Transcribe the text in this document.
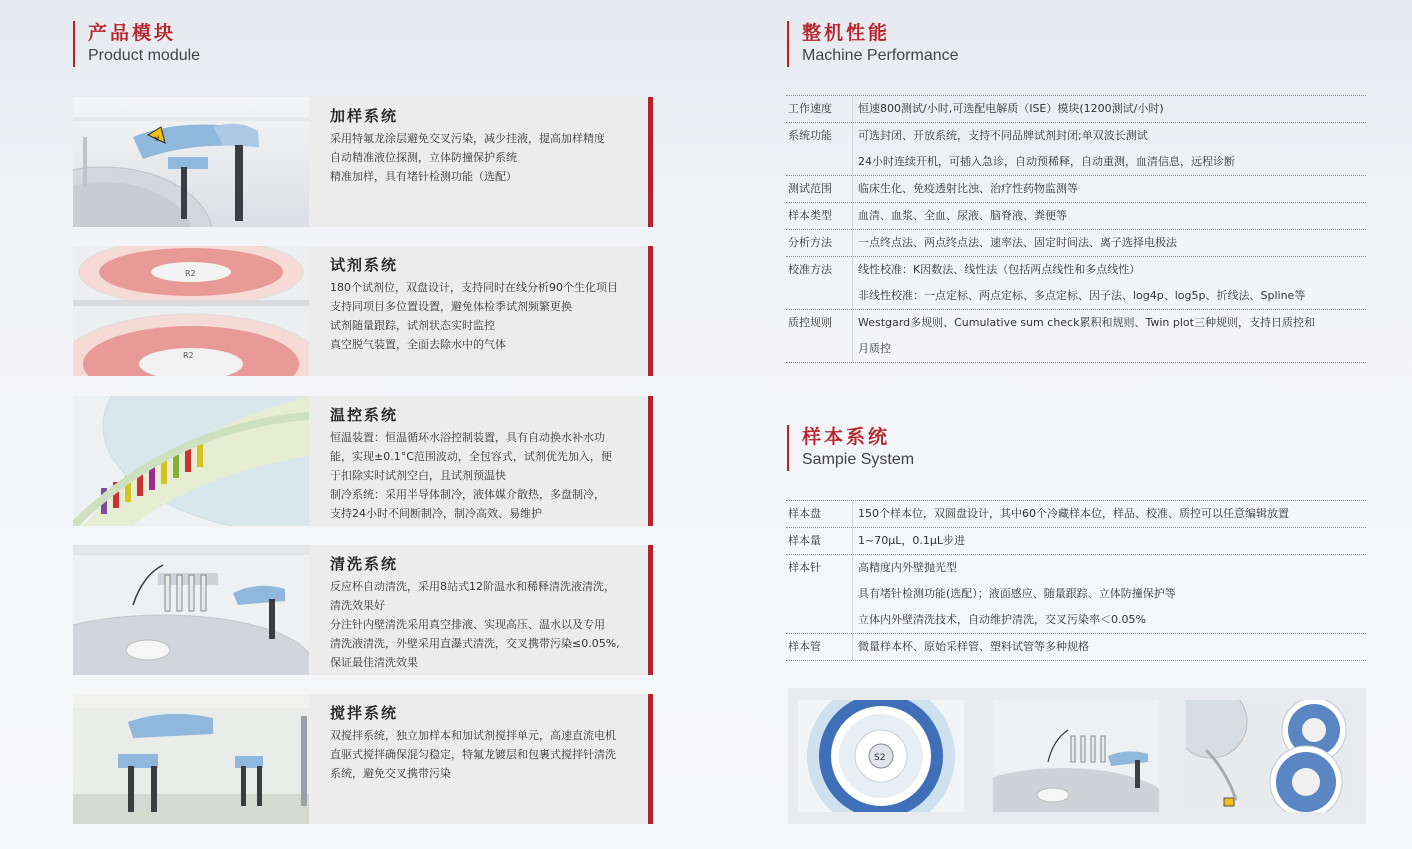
产品模块
Product module
☣
加样系统
采用特氟龙涂层避免交叉污染，减少挂液，提高加样精度
自动精准液位探测，立体防撞保护系统
精准加样，具有堵针检测功能（选配）
R2
R2
试剂系统
180个试剂位，双盘设计，支持同时在线分析90个生化项目
支持同项目多位置设置，避免体检季试剂频繁更换
试剂随量跟踪，试剂状态实时监控
真空脱气装置，全面去除水中的气体
温控系统
恒温装置：恒温循环水浴控制装置，具有自动换水补水功
能，实现±0.1°C范围波动，全包容式，试剂优先加入，便
于扣除实时试剂空白，且试剂预温快
制冷系统：采用半导体制冷，液体媒介散热，多盘制冷，
支持24小时不间断制冷，制冷高效、易维护
清洗系统
反应杯自动清洗，采用8站式12阶温水和稀释清洗液清洗，
清洗效果好
分注针内壁清洗采用真空排液、实现高压、温水以及专用
清洗液清洗，外壁采用直瀑式清洗，交叉携带污染≤0.05%,
保证最佳清洗效果
搅拌系统
双搅拌系统，独立加样本和加试剂搅拌单元，高速直流电机
直驱式搅拌确保混匀稳定，特氟龙镀层和包裹式搅拌针清洗
系统，避免交叉携带污染
整机性能
Machine Performance
工作速度	恒速800测试/小时,可选配电解质（ISE）模块(1200测试/小时)
系统功能	可选封闭、开放系统，支持不同品牌试剂封闭;单双波长测试
24小时连续开机，可插入急诊，自动预稀释，自动重测，血清信息，远程诊断
测试范围	临床生化、免疫透射比浊、治疗性药物监测等
样本类型	血清、血浆、全血、尿液、脑脊液、粪便等
分析方法	一点终点法、两点终点法、速率法、固定时间法、离子选择电极法
校准方法	线性校准：K因数法、线性法（包括两点线性和多点线性）
非线性校准：一点定标、两点定标、多点定标、因子法、log4p、log5p、折线法、Spline等
质控规则	Westgard多规则、Cumulative sum check累积和规则、Twin plot三种规则，支持日质控和
月质控
样本系统
Sampie System
样本盘	150个样本位，双圆盘设计，其中60个冷藏样本位，样品、校准、质控可以任意编辑放置
样本量	1~70μL，0.1μL步进
样本针	高精度内外壁抛光型
具有堵针检测功能(选配）；液面感应、随量跟踪、立体防撞保护等
立体内外壁清洗技术，自动维护清洗，交叉污染率＜0.05%
样本管	微量样本杯、原始采样管、塑料试管等多种规格
S2
